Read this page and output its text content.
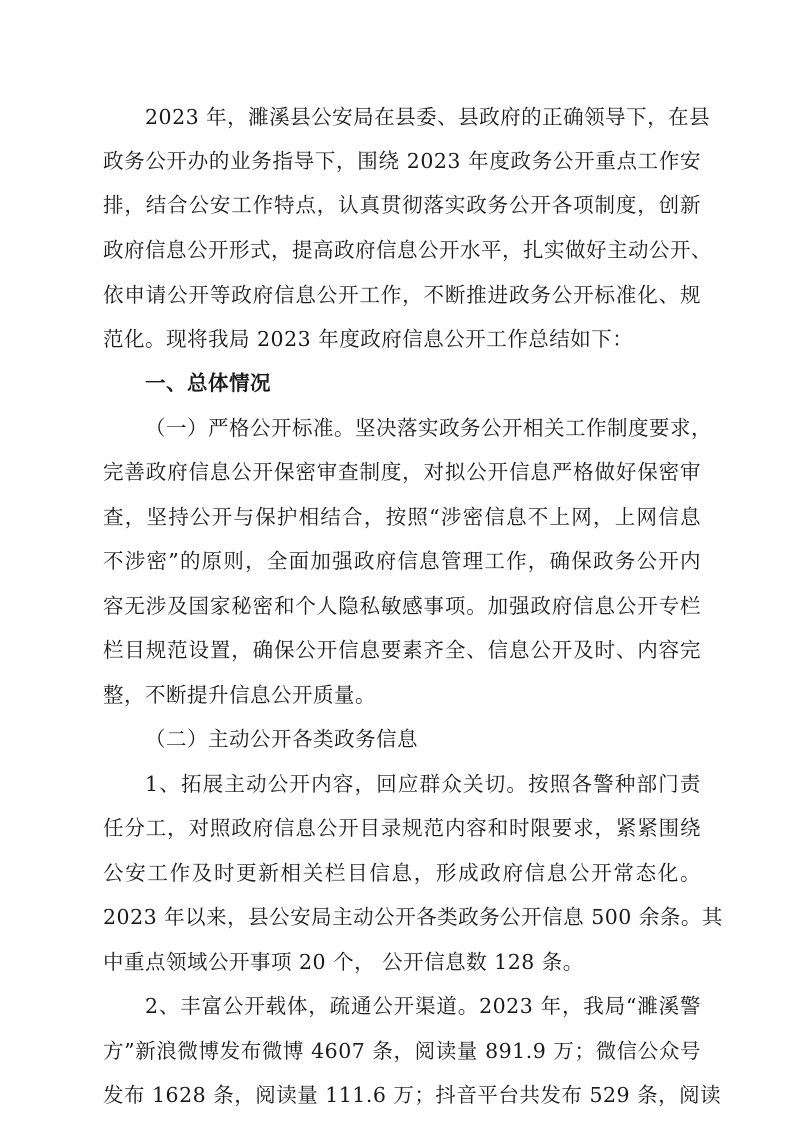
2023 年，濉溪县公安局在县委、县政府的正确领导下，在县
政务公开办的业务指导下，围绕 2023 年度政务公开重点工作安
排，结合公安工作特点，认真贯彻落实政务公开各项制度，创新
政府信息公开形式，提高政府信息公开水平，扎实做好主动公开、
依申请公开等政府信息公开工作，不断推进政务公开标准化、规
范化。现将我局 2023 年度政府信息公开工作总结如下：
一、总体情况
（一）严格公开标准。坚决落实政务公开相关工作制度要求，
完善政府信息公开保密审查制度，对拟公开信息严格做好保密审
查，坚持公开与保护相结合，按照“涉密信息不上网，上网信息
不涉密”的原则，全面加强政府信息管理工作，确保政务公开内
容无涉及国家秘密和个人隐私敏感事项。加强政府信息公开专栏
栏目规范设置，确保公开信息要素齐全、信息公开及时、内容完
整，不断提升信息公开质量。
（二）主动公开各类政务信息
1、拓展主动公开内容，回应群众关切。按照各警种部门责
任分工，对照政府信息公开目录规范内容和时限要求，紧紧围绕
公安工作及时更新相关栏目信息，形成政府信息公开常态化。
2023 年以来，县公安局主动公开各类政务公开信息 500 余条。其
中重点领域公开事项 20 个， 公开信息数 128 条。
2、丰富公开载体，疏通公开渠道。2023 年，我局“濉溪警
方”新浪微博发布微博 4607 条，阅读量 891.9 万；微信公众号
发布 1628 条，阅读量 111.6 万；抖音平台共发布 529 条，阅读
